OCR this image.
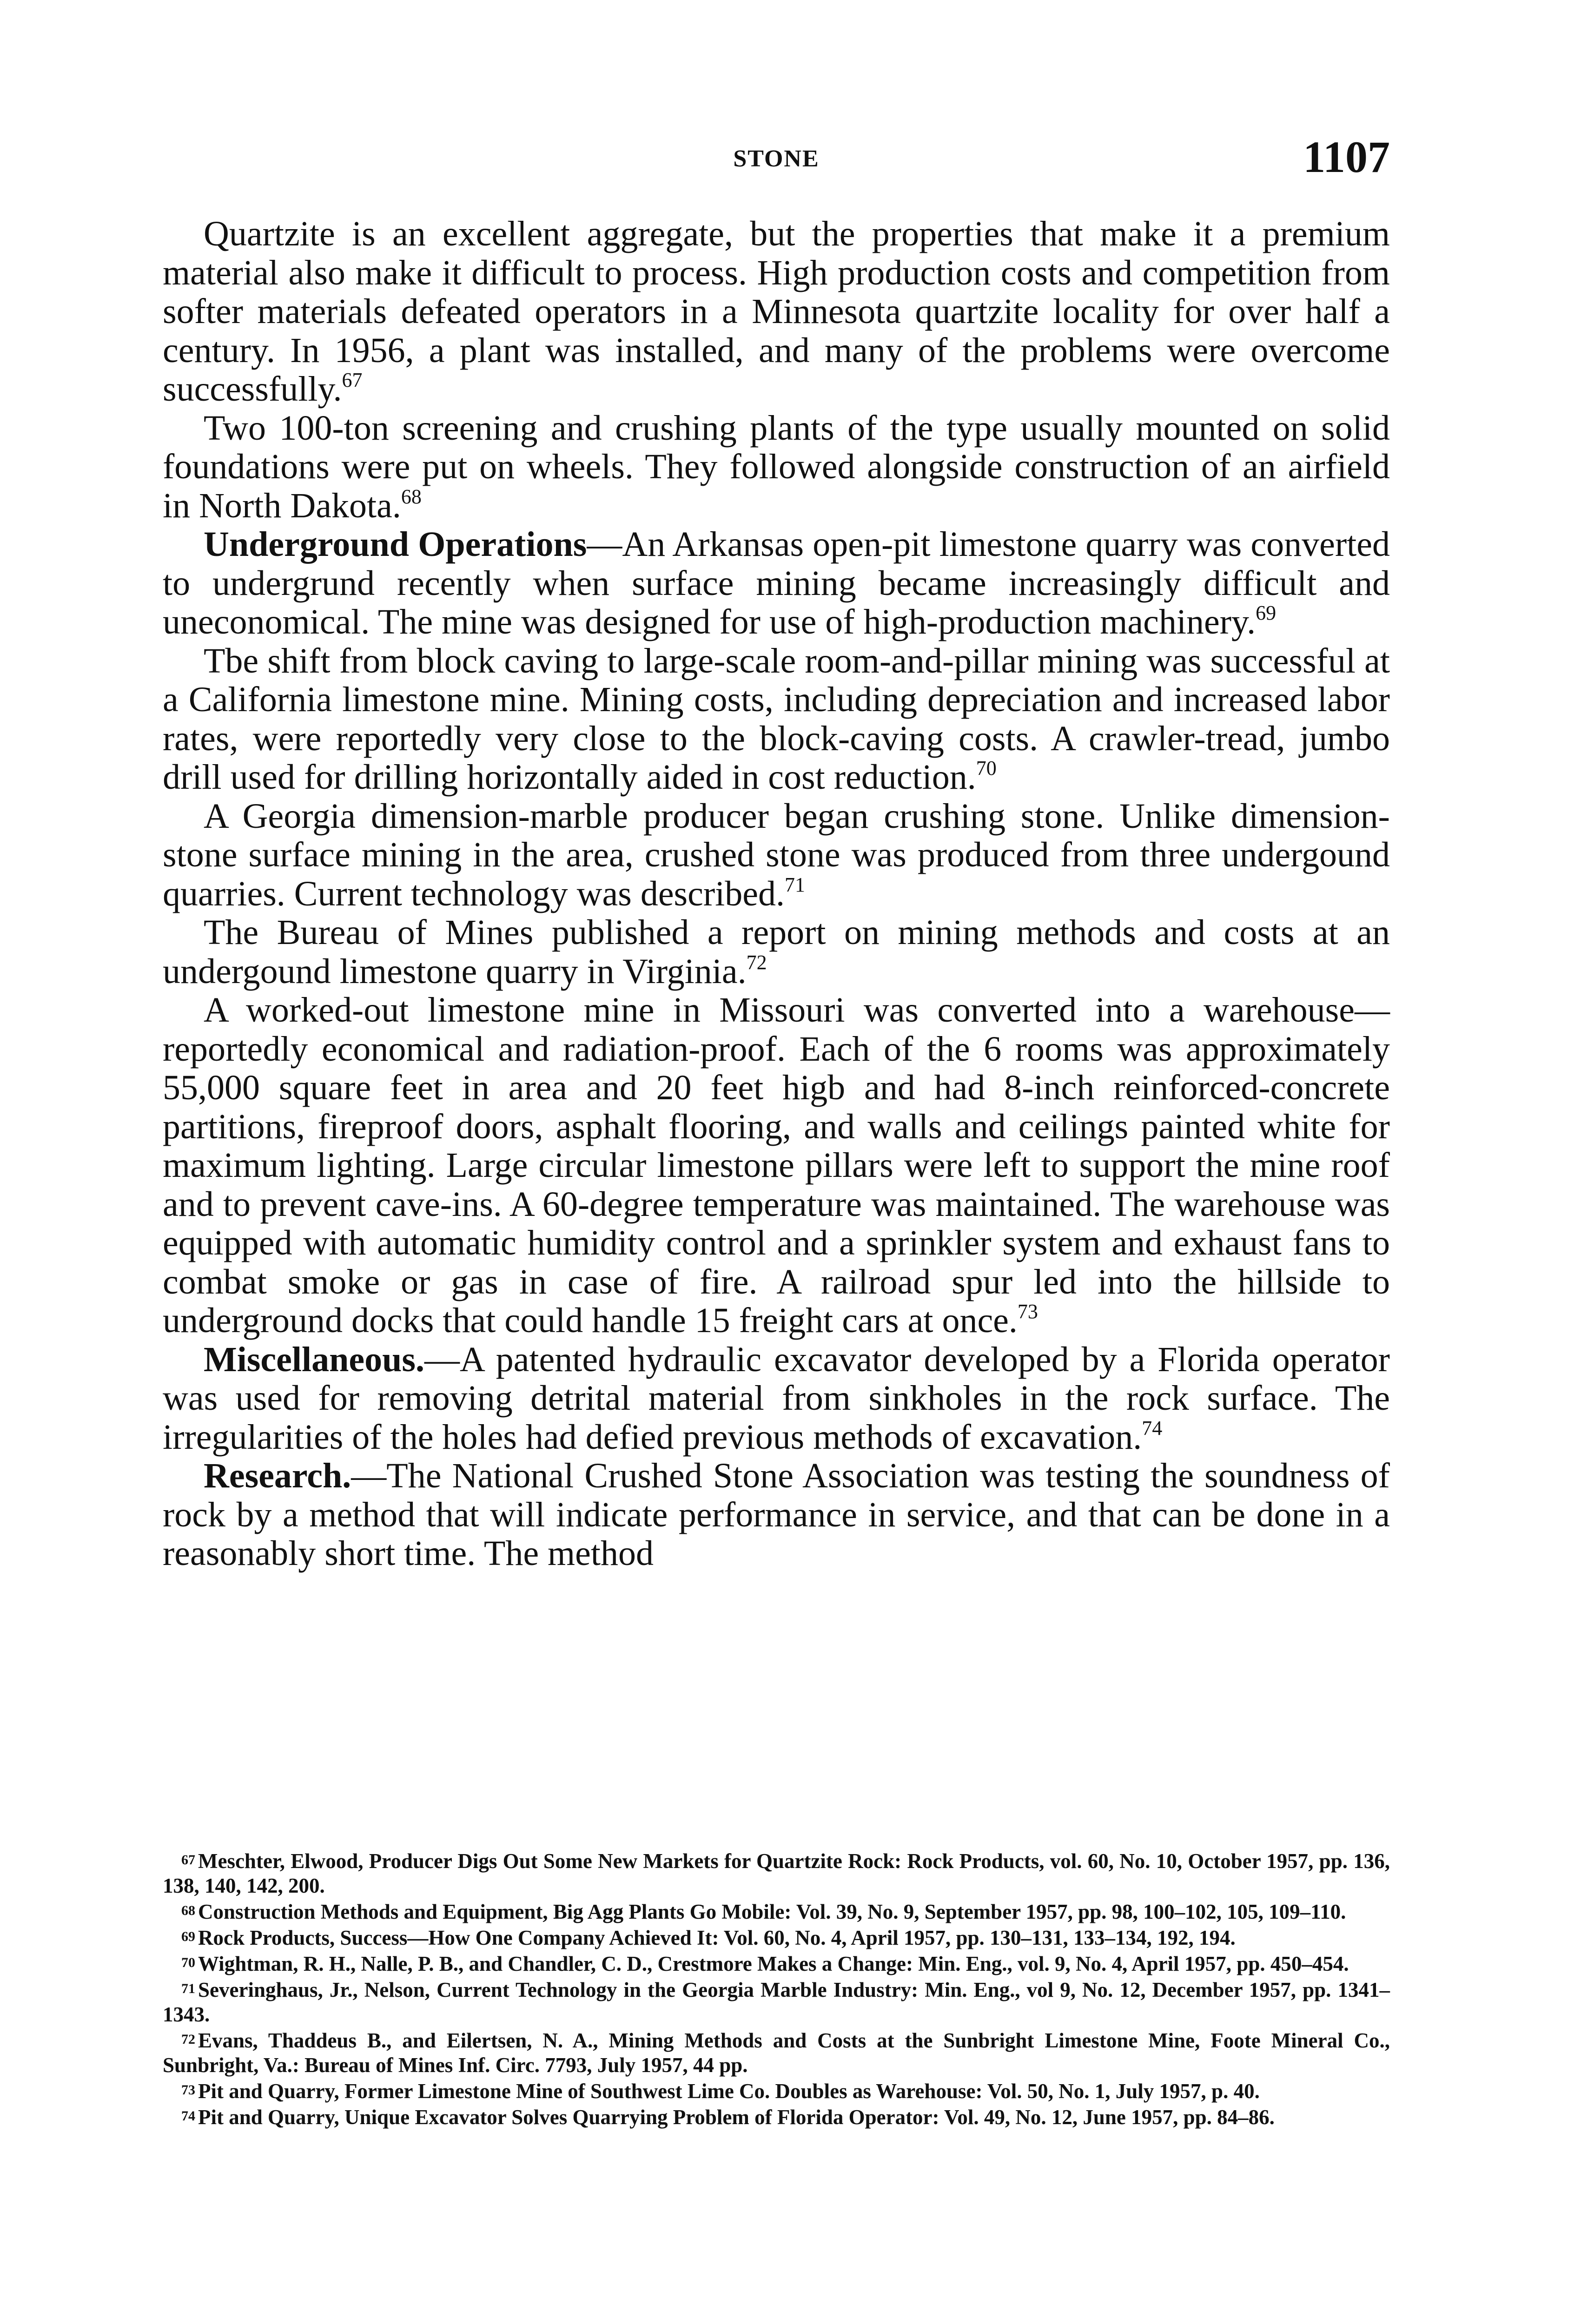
STONE	1107

Quartzite is an excellent aggregate, but the properties that make it a premium material also make it difficult to process. High production costs and competition from softer materials defeated operators in a Minnesota quartzite locality for over half a century. In 1956, a plant was installed, and many of the problems were overcome successfully.$^{67}$

Two 100-ton screening and crushing plants of the type usually mounted on solid foundations were put on wheels. They followed alongside construction of an airfield in North Dakota.$^{68}$

Underground Operations—An Arkansas open-pit limestone quarry was converted to undergrund recently when surface mining became increasingly difficult and uneconomical. The mine was designed for use of high-production machinery.$^{69}$

Tbe shift from block caving to large-scale room-and-pillar mining was successful at a California limestone mine. Mining costs, including depreciation and increased labor rates, were reportedly very close to the block-caving costs. A crawler-tread, jumbo drill used for drilling horizontally aided in cost reduction.$^{70}$

A Georgia dimension-marble producer began crushing stone. Unlike dimension-stone surface mining in the area, crushed stone was produced from three undergound quarries. Current technology was described.$^{71}$

The Bureau of Mines published a report on mining methods and costs at an undergound limestone quarry in Virginia.$^{72}$

A worked-out limestone mine in Missouri was converted into a warehouse—reportedly economical and radiation-proof. Each of the 6 rooms was approximately 55,000 square feet in area and 20 feet higb and had 8-inch reinforced-concrete partitions, fireproof doors, asphalt flooring, and walls and ceilings painted white for maximum lighting. Large circular limestone pillars were left to support the mine roof and to prevent cave-ins. A 60-degree temperature was maintained. The warehouse was equipped with automatic humidity control and a sprinkler system and exhaust fans to combat smoke or gas in case of fire. A railroad spur led into the hillside to underground docks that could handle 15 freight cars at once.$^{73}$

Miscellaneous.—A patented hydraulic excavator developed by a Florida operator was used for removing detrital material from sinkholes in the rock surface. The irregularities of the holes had defied previous methods of excavation.$^{74}$

Research.—The National Crushed Stone Association was testing the soundness of rock by a method that will indicate performance in service, and that can be done in a reasonably short time. The method

67 Meschter, Elwood, Producer Digs Out Some New Markets for Quartzite Rock: Rock Products, vol. 60, No. 10, October 1957, pp. 136, 138, 140, 142, 200.

68 Construction Methods and Equipment, Big Agg Plants Go Mobile: Vol. 39, No. 9, September 1957, pp. 98, 100–102, 105, 109–110.

69 Rock Products, Success—How One Company Achieved It: Vol. 60, No. 4, April 1957, pp. 130–131, 133–134, 192, 194.

70 Wightman, R. H., Nalle, P. B., and Chandler, C. D., Crestmore Makes a Change: Min. Eng., vol. 9, No. 4, April 1957, pp. 450–454.

71 Severinghaus, Jr., Nelson, Current Technology in the Georgia Marble Industry: Min. Eng., vol 9, No. 12, December 1957, pp. 1341–1343.

72 Evans, Thaddeus B., and Eilertsen, N. A., Mining Methods and Costs at the Sunbright Limestone Mine, Foote Mineral Co., Sunbright, Va.: Bureau of Mines Inf. Circ. 7793, July 1957, 44 pp.

73 Pit and Quarry, Former Limestone Mine of Southwest Lime Co. Doubles as Warehouse: Vol. 50, No. 1, July 1957, p. 40.

74 Pit and Quarry, Unique Excavator Solves Quarrying Problem of Florida Operator: Vol. 49, No. 12, June 1957, pp. 84–86.
